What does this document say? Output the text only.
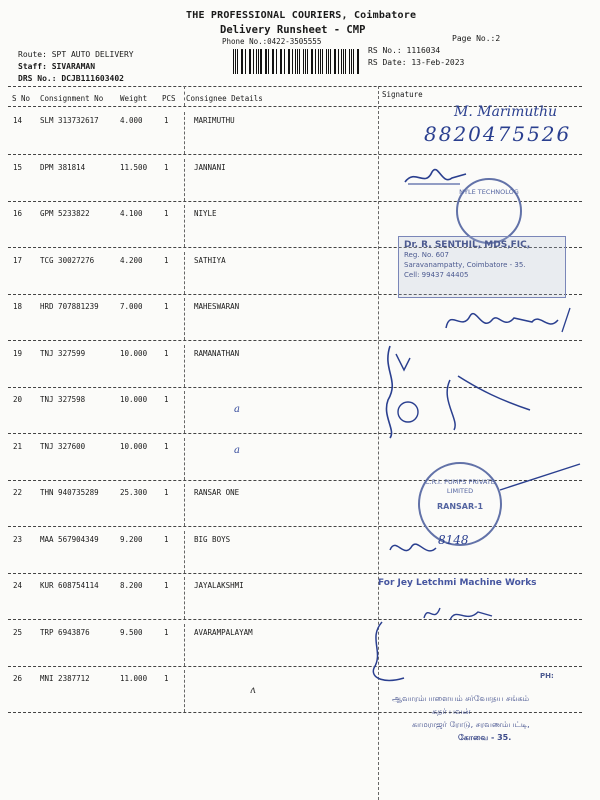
THE PROFESSIONAL COURIERS, Coimbatore
Delivery Runsheet - CMP
Phone No.:0422-3505555	Page No.:2
RS No.: 1116034
RS Date: 13-Feb-2023
Route: SPT AUTO DELIVERY
Staff: SIVARAMAN
DRS No.: DCJB111603402
S No Consignment No Weight PCS Consignee Details	Signature
14 SLM 313732617	4.000	1	MARIMUTHU
15 DPM 381814	11.500 1	JANNANI
16 GPM 5233822	4.100	1	NIYLE
17 TCG 30027276	4.200	1	SATHIYA
18 HRD 707881239	7.000	1	MAHESWARAN
19 TNJ 327599	10.000 1	RAMANATHAN
20 TNJ 327598	10.000 1
21 TNJ 327600	10.000 1
22 THN 940735289	25.300 1	RANSAR ONE
23 MAA 567904349	9.200	1	BIG BOYS
24 KUR 608754114	8.200	1	JAYALAKSHMI
25 TRP 6943876	9.500	1	AVARAMPALAYAM
26 MNI 2387712	11.000 1
M. Marimuthu
8820475526
NYLE TECHNOLOG
Dr. R. SENTHIL, MDS,FIC,
Reg. No. 607
Saravanampatty, Coimbatore - 35.
Cell: 99437 44405
C.R.I. PUMPS PRIVATE LIMITED
RANSAR-1
8148
For Jey Letchmi Machine Works
PH:
ஆவாரம்பாளையம் சர்வோதய சங்கம்
கதர் பவன்
காமராஜர் ரோடு, சரவணம்பட்டி,
கோவை - 35.
a
a
ʌ
